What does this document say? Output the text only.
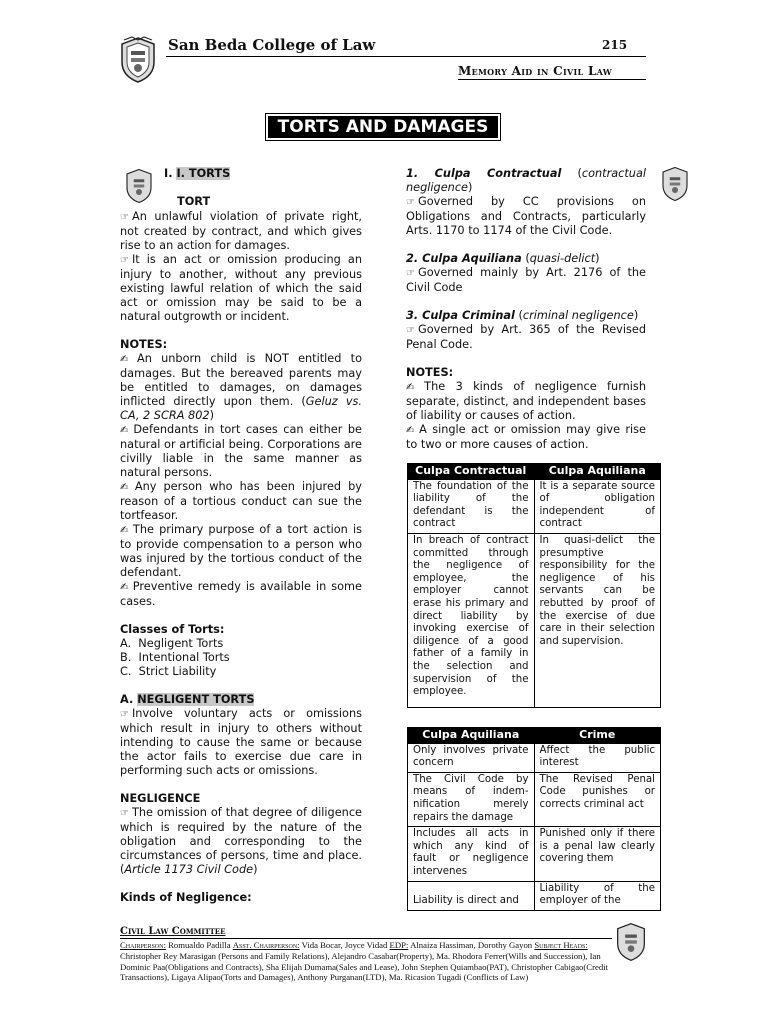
San Beda College of Law	215
Memory Aid in Civil Law
TORTS AND DAMAGES
I. I. TORTS
TORT

☞ An unlawful violation of private right, not created by contract, and which gives rise to an action for damages.

☞ It is an act or omission producing an injury to another, without any previous existing lawful relation of which the said act or omission may be said to be a natural outgrowth or incident.

NOTES:

✍ An unborn child is NOT entitled to damages. But the bereaved parents may be entitled to damages, on damages inflicted directly upon them. (Geluz vs. CA, 2 SCRA 802)

✍ Defendants in tort cases can either be natural or artificial being. Corporations are civilly liable in the same manner as natural persons.

✍ Any person who has been injured by reason of a tortious conduct can sue the tortfeasor.

✍ The primary purpose of a tort action is to provide compensation to a person who was injured by the tortious conduct of the defendant.

✍ Preventive remedy is available in some cases.

Classes of Torts:
A.  Negligent Torts
B.  Intentional Torts
C.  Strict Liability
A. NEGLIGENT TORTS

☞ Involve voluntary acts or omissions which result in injury to others without intending to cause the same or because the actor fails to exercise due care in performing such acts or omissions.

NEGLIGENCE

☞ The omission of that degree of diligence which is required by the nature of the obligation and corresponding to the circumstances of persons, time and place. (Article 1173 Civil Code)

Kinds of Negligence:

1. Culpa Contractual (contractual negligence)

☞ Governed by CC provisions on Obligations and Contracts, particularly Arts. 1170 to 1174 of the Civil Code.

2. Culpa Aquiliana (quasi-delict)

☞ Governed mainly by Art. 2176 of the Civil Code

3. Culpa Criminal (criminal negligence)

☞ Governed by Art. 365 of the Revised Penal Code.

NOTES:

✍ The 3 kinds of negligence furnish separate, distinct, and independent bases of liability or causes of action.

✍ A single act or omission may give rise to two or more causes of action.

Culpa Contractual	Culpa Aquiliana
The foundation of the liability of the defendant is the contract	It is a separate source of obligation independent of contract
In breach of contract committed through the negligence of employee, the employer cannot erase his primary and direct liability by invoking exercise of diligence of a good father of a family in the selection and supervision of the employee.	In quasi-delict the presumptive responsibility for the negligence of his servants can be rebutted by proof of the exercise of due care in their selection and supervision.
Culpa Aquiliana	Crime
Only involves private concern	Affect the public interest
The Civil Code by means of indem-nification merely repairs the damage	The Revised Penal Code punishes or corrects criminal act
Includes all acts in which any kind of fault or negligence intervenes	Punished only if there is a penal law clearly covering them
Liability is direct and	Liability of the employer of the
Civil Law Committee
Chairperson: Romualdo Padilla Asst. Chairperson: Vida Bocar, Joyce Vidad EDP: Alnaiza Hassiman, Dorothy Gayon Subject Heads: Christopher Rey Marasigan (Persons and Family Relations), Alejandro Casabar(Property), Ma. Rhodora Ferrer(Wills and Succession), Ian Dominic Paa(Obligations and Contracts), Sha Elijah Dumama(Sales and Lease), John Stephen Quiambao(PAT), Christopher Cabigao(Credit Transactions), Ligaya Alipao(Torts and Damages), Anthony Purganan(LTD), Ma. Ricasion Tugadi (Conflicts of Law)
